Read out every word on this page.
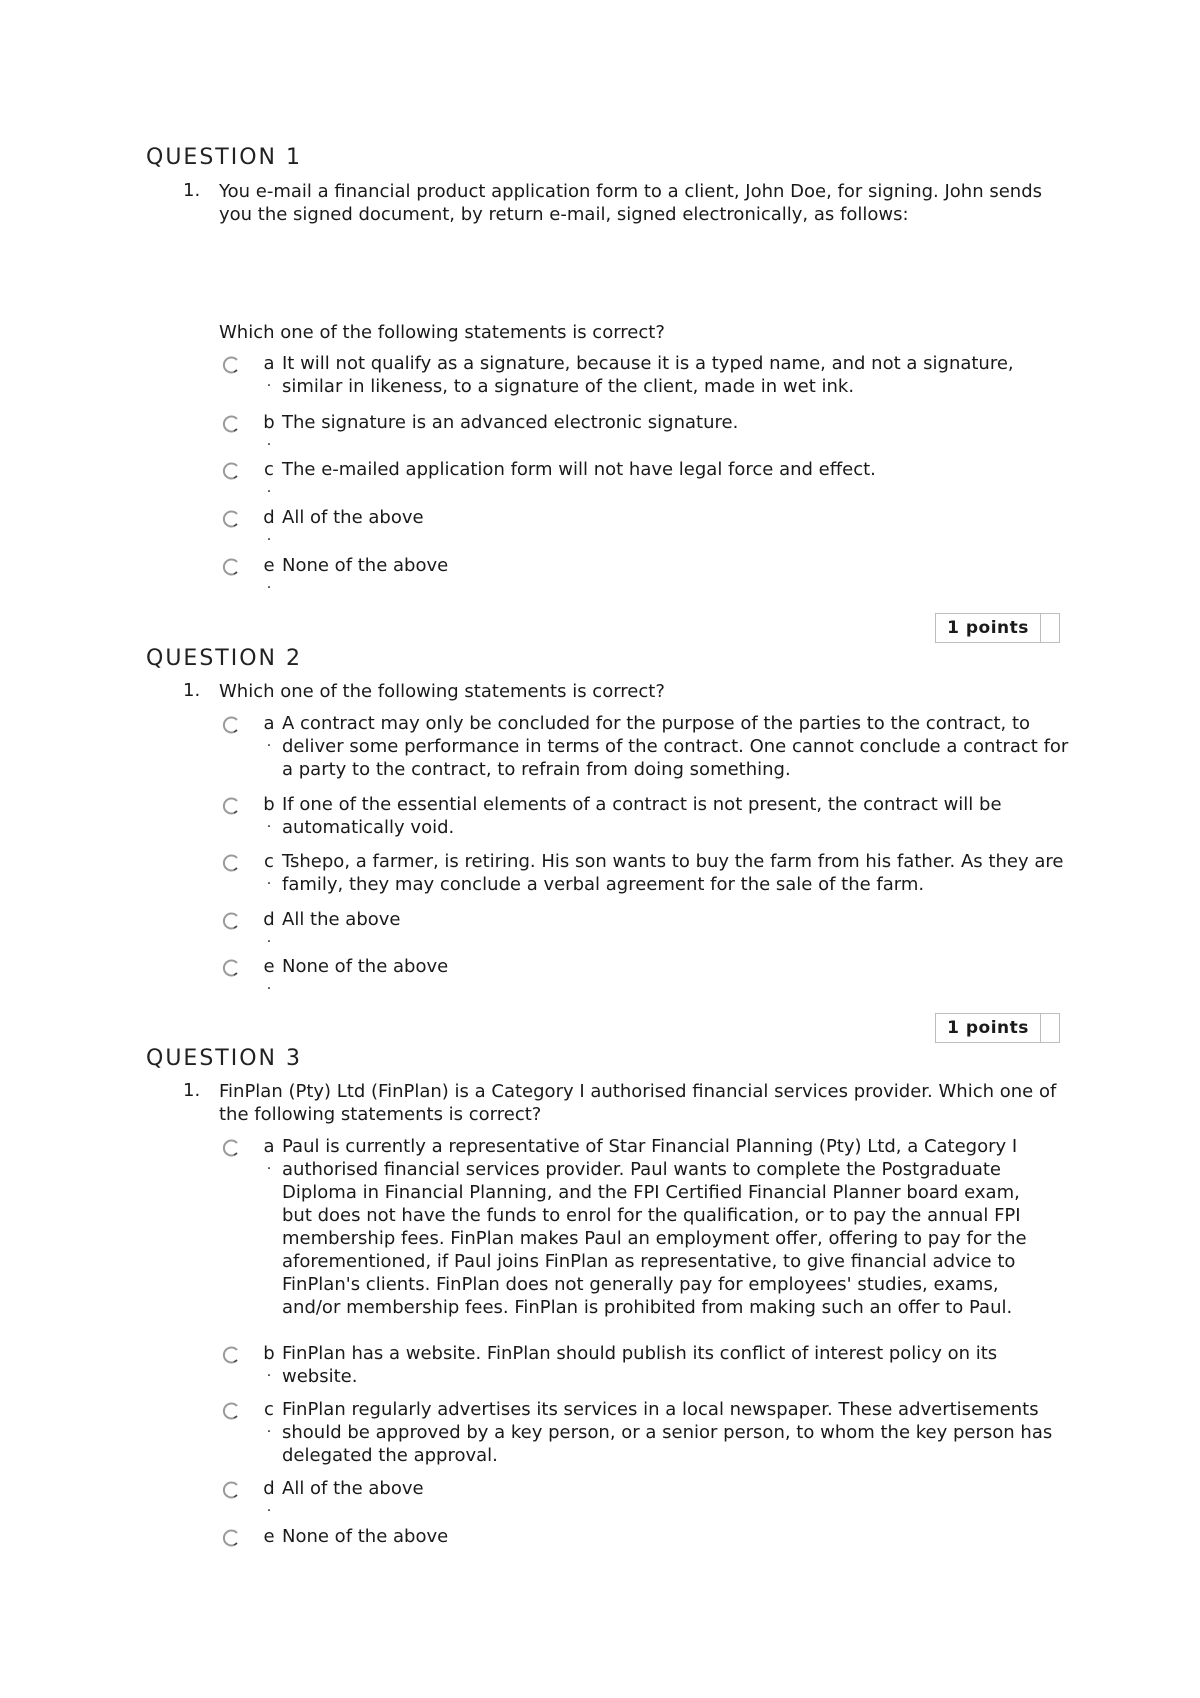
QUESTION 1
1. You e-mail a financial product application form to a client, John Doe, for signing. John sends you the signed document, by return e-mail, signed electronically, as follows:
Which one of the following statements is correct?
a
.
It will not qualify as a signature, because it is a typed name, and not a signature, similar in likeness, to a signature of the client, made in wet ink.
b
.
The signature is an advanced electronic signature.
c
.
The e-mailed application form will not have legal force and effect.
d
.
All of the above
e
.
None of the above
1 points
QUESTION 2
1. Which one of the following statements is correct?
a
.
A contract may only be concluded for the purpose of the parties to the contract, to deliver some performance in terms of the contract. One cannot conclude a contract for a party to the contract, to refrain from doing something.
b
.
If one of the essential elements of a contract is not present, the contract will be automatically void.
c
.
Tshepo, a farmer, is retiring. His son wants to buy the farm from his father. As they are family, they may conclude a verbal agreement for the sale of the farm.
d
.
All the above
e
.
None of the above
1 points
QUESTION 3
1. FinPlan (Pty) Ltd (FinPlan) is a Category I authorised financial services provider. Which one of the following statements is correct?
a
.
Paul is currently a representative of Star Financial Planning (Pty) Ltd, a Category I authorised financial services provider. Paul wants to complete the Postgraduate Diploma in Financial Planning, and the FPI Certified Financial Planner board exam, but does not have the funds to enrol for the qualification, or to pay the annual FPI membership fees. FinPlan makes Paul an employment offer, offering to pay for the aforementioned, if Paul joins FinPlan as representative, to give financial advice to FinPlan's clients. FinPlan does not generally pay for employees' studies, exams, and/or membership fees. FinPlan is prohibited from making such an offer to Paul.
b
.
FinPlan has a website. FinPlan should publish its conflict of interest policy on its website.
c
.
FinPlan regularly advertises its services in a local newspaper. These advertisements should be approved by a key person, or a senior person, to whom the key person has delegated the approval.
d
.
All of the above
e None of the above
